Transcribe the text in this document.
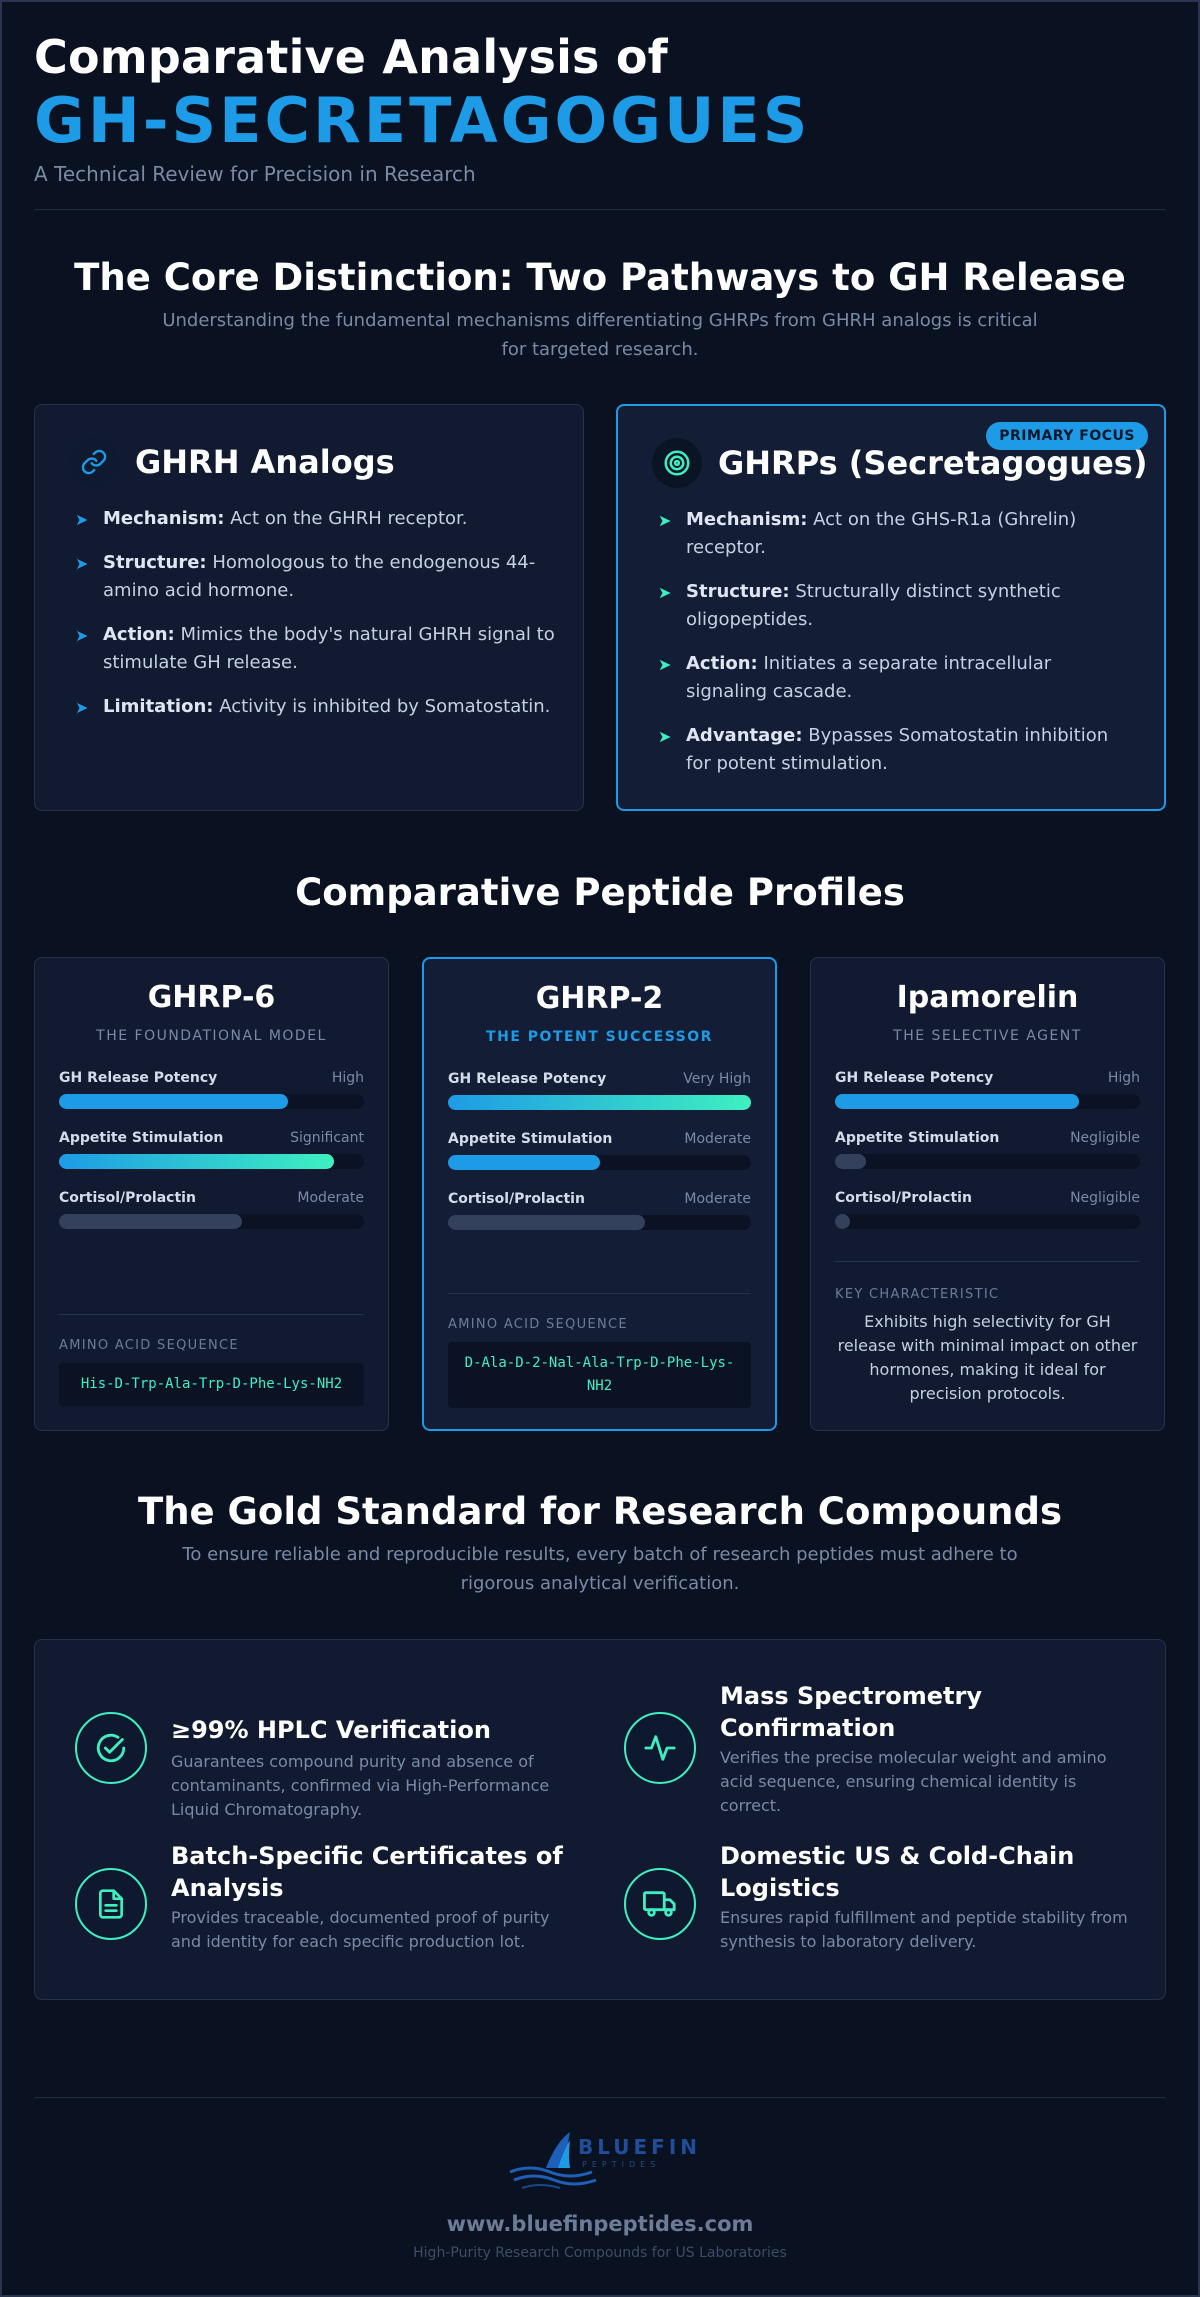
Comparative Analysis of
GH-SECRETAGOGUES
A Technical Review for Precision in Research
The Core Distinction: Two Pathways to GH Release
Understanding the fundamental mechanisms differentiating GHRPs from GHRH analogs is critical for targeted research.
GHRH Analogs
➤ Mechanism: Act on the GHRH receptor.
➤ Structure: Homologous to the endogenous 44-amino acid hormone.
➤ Action: Mimics the body's natural GHRH signal to stimulate GH release.
➤ Limitation: Activity is inhibited by Somatostatin.
PRIMARY FOCUS
GHRPs (Secretagogues)
➤ Mechanism: Act on the GHS-R1a (Ghrelin) receptor.
➤ Structure: Structurally distinct synthetic oligopeptides.
➤ Action: Initiates a separate intracellular signaling cascade.
➤ Advantage: Bypasses Somatostatin inhibition for potent stimulation.
Comparative Peptide Profiles
GHRP-6
THE FOUNDATIONAL MODEL
GH Release Potency	High
Appetite Stimulation	Significant
Cortisol/Prolactin	Moderate
AMINO ACID SEQUENCE
His-D-Trp-Ala-Trp-D-Phe-Lys-NH2
GHRP-2
THE POTENT SUCCESSOR
GH Release Potency	Very High
Appetite Stimulation	Moderate
Cortisol/Prolactin	Moderate
AMINO ACID SEQUENCE
D-Ala-D-2-Nal-Ala-Trp-D-Phe-Lys-NH2
Ipamorelin
THE SELECTIVE AGENT
GH Release Potency	High
Appetite Stimulation	Negligible
Cortisol/Prolactin	Negligible
KEY CHARACTERISTIC
Exhibits high selectivity for GH release with minimal impact on other hormones, making it ideal for precision protocols.
The Gold Standard for Research Compounds
To ensure reliable and reproducible results, every batch of research peptides must adhere to rigorous analytical verification.
≥99% HPLC Verification
Guarantees compound purity and absence of contaminants, confirmed via High-Performance Liquid Chromatography.
Mass Spectrometry Confirmation
Verifies the precise molecular weight and amino acid sequence, ensuring chemical identity is correct.
Batch-Specific Certificates of Analysis
Provides traceable, documented proof of purity and identity for each specific production lot.
Domestic US & Cold-Chain Logistics
Ensures rapid fulfillment and peptide stability from synthesis to laboratory delivery.
BLUEFIN
PEPTIDES
www.bluefinpeptides.com
High-Purity Research Compounds for US Laboratories
